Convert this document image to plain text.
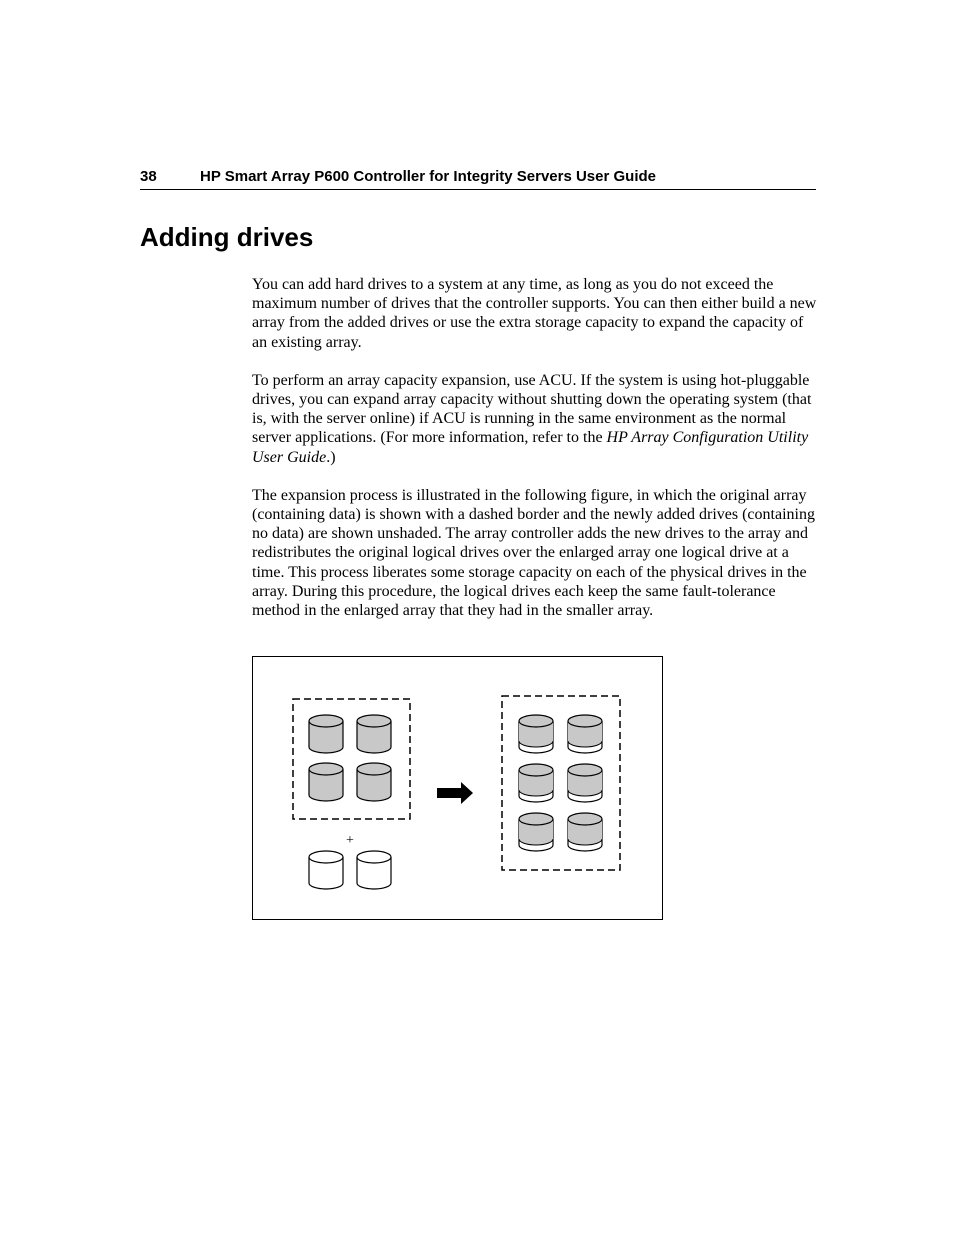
38	HP Smart Array P600 Controller for Integrity Servers User Guide
Adding drives

You can add hard drives to a system at any time, as long as you do not exceed the maximum number of drives that the controller supports. You can then either build a new array from the added drives or use the extra storage capacity to expand the capacity of an existing array.

To perform an array capacity expansion, use ACU. If the system is using hot-pluggable drives, you can expand array capacity without shutting down the operating system (that is, with the server online) if ACU is running in the same environment as the normal server applications. (For more information, refer to the HP Array Configuration Utility User Guide.)

The expansion process is illustrated in the following figure, in which the original array (containing data) is shown with a dashed border and the newly added drives (containing no data) are shown unshaded. The array controller adds the new drives to the array and redistributes the original logical drives over the enlarged array one logical drive at a time. This process liberates some storage capacity on each of the physical drives in the array. During this procedure, the logical drives each keep the same fault-tolerance method in the enlarged array that they had in the smaller array.

+
